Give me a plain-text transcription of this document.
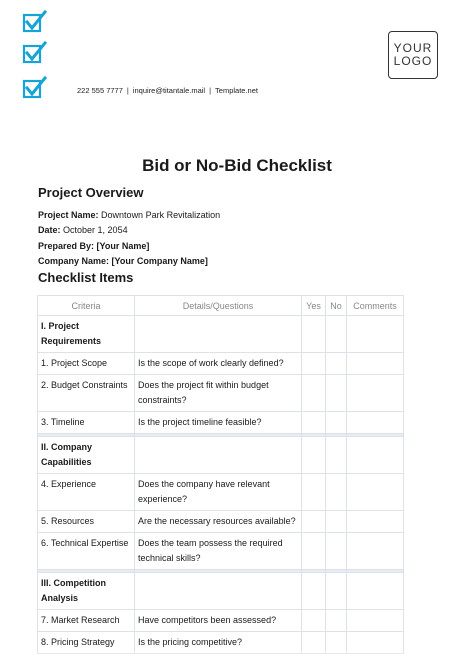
222 555 7777 | inquire@titantale.mail | Template.net
YOUR
LOGO
Bid or No-Bid Checklist
Project Overview
Project Name: Downtown Park Revitalization
Date: October 1, 2054
Prepared By: [Your Name]
Company Name: [Your Company Name]
Checklist Items
Criteria	Details/Questions	Yes	No	Comments
I. Project Requirements				
1. Project Scope	Is the scope of work clearly defined?			
2. Budget Constraints	Does the project fit within budget constraints?			
3. Timeline	Is the project timeline feasible?			

II. Company Capabilities				
4. Experience	Does the company have relevant experience?			
5. Resources	Are the necessary resources available?			
6. Technical Expertise	Does the team possess the required technical skills?			

III. Competition Analysis				
7. Market Research	Have competitors been assessed?			
8. Pricing Strategy	Is the pricing competitive?			
